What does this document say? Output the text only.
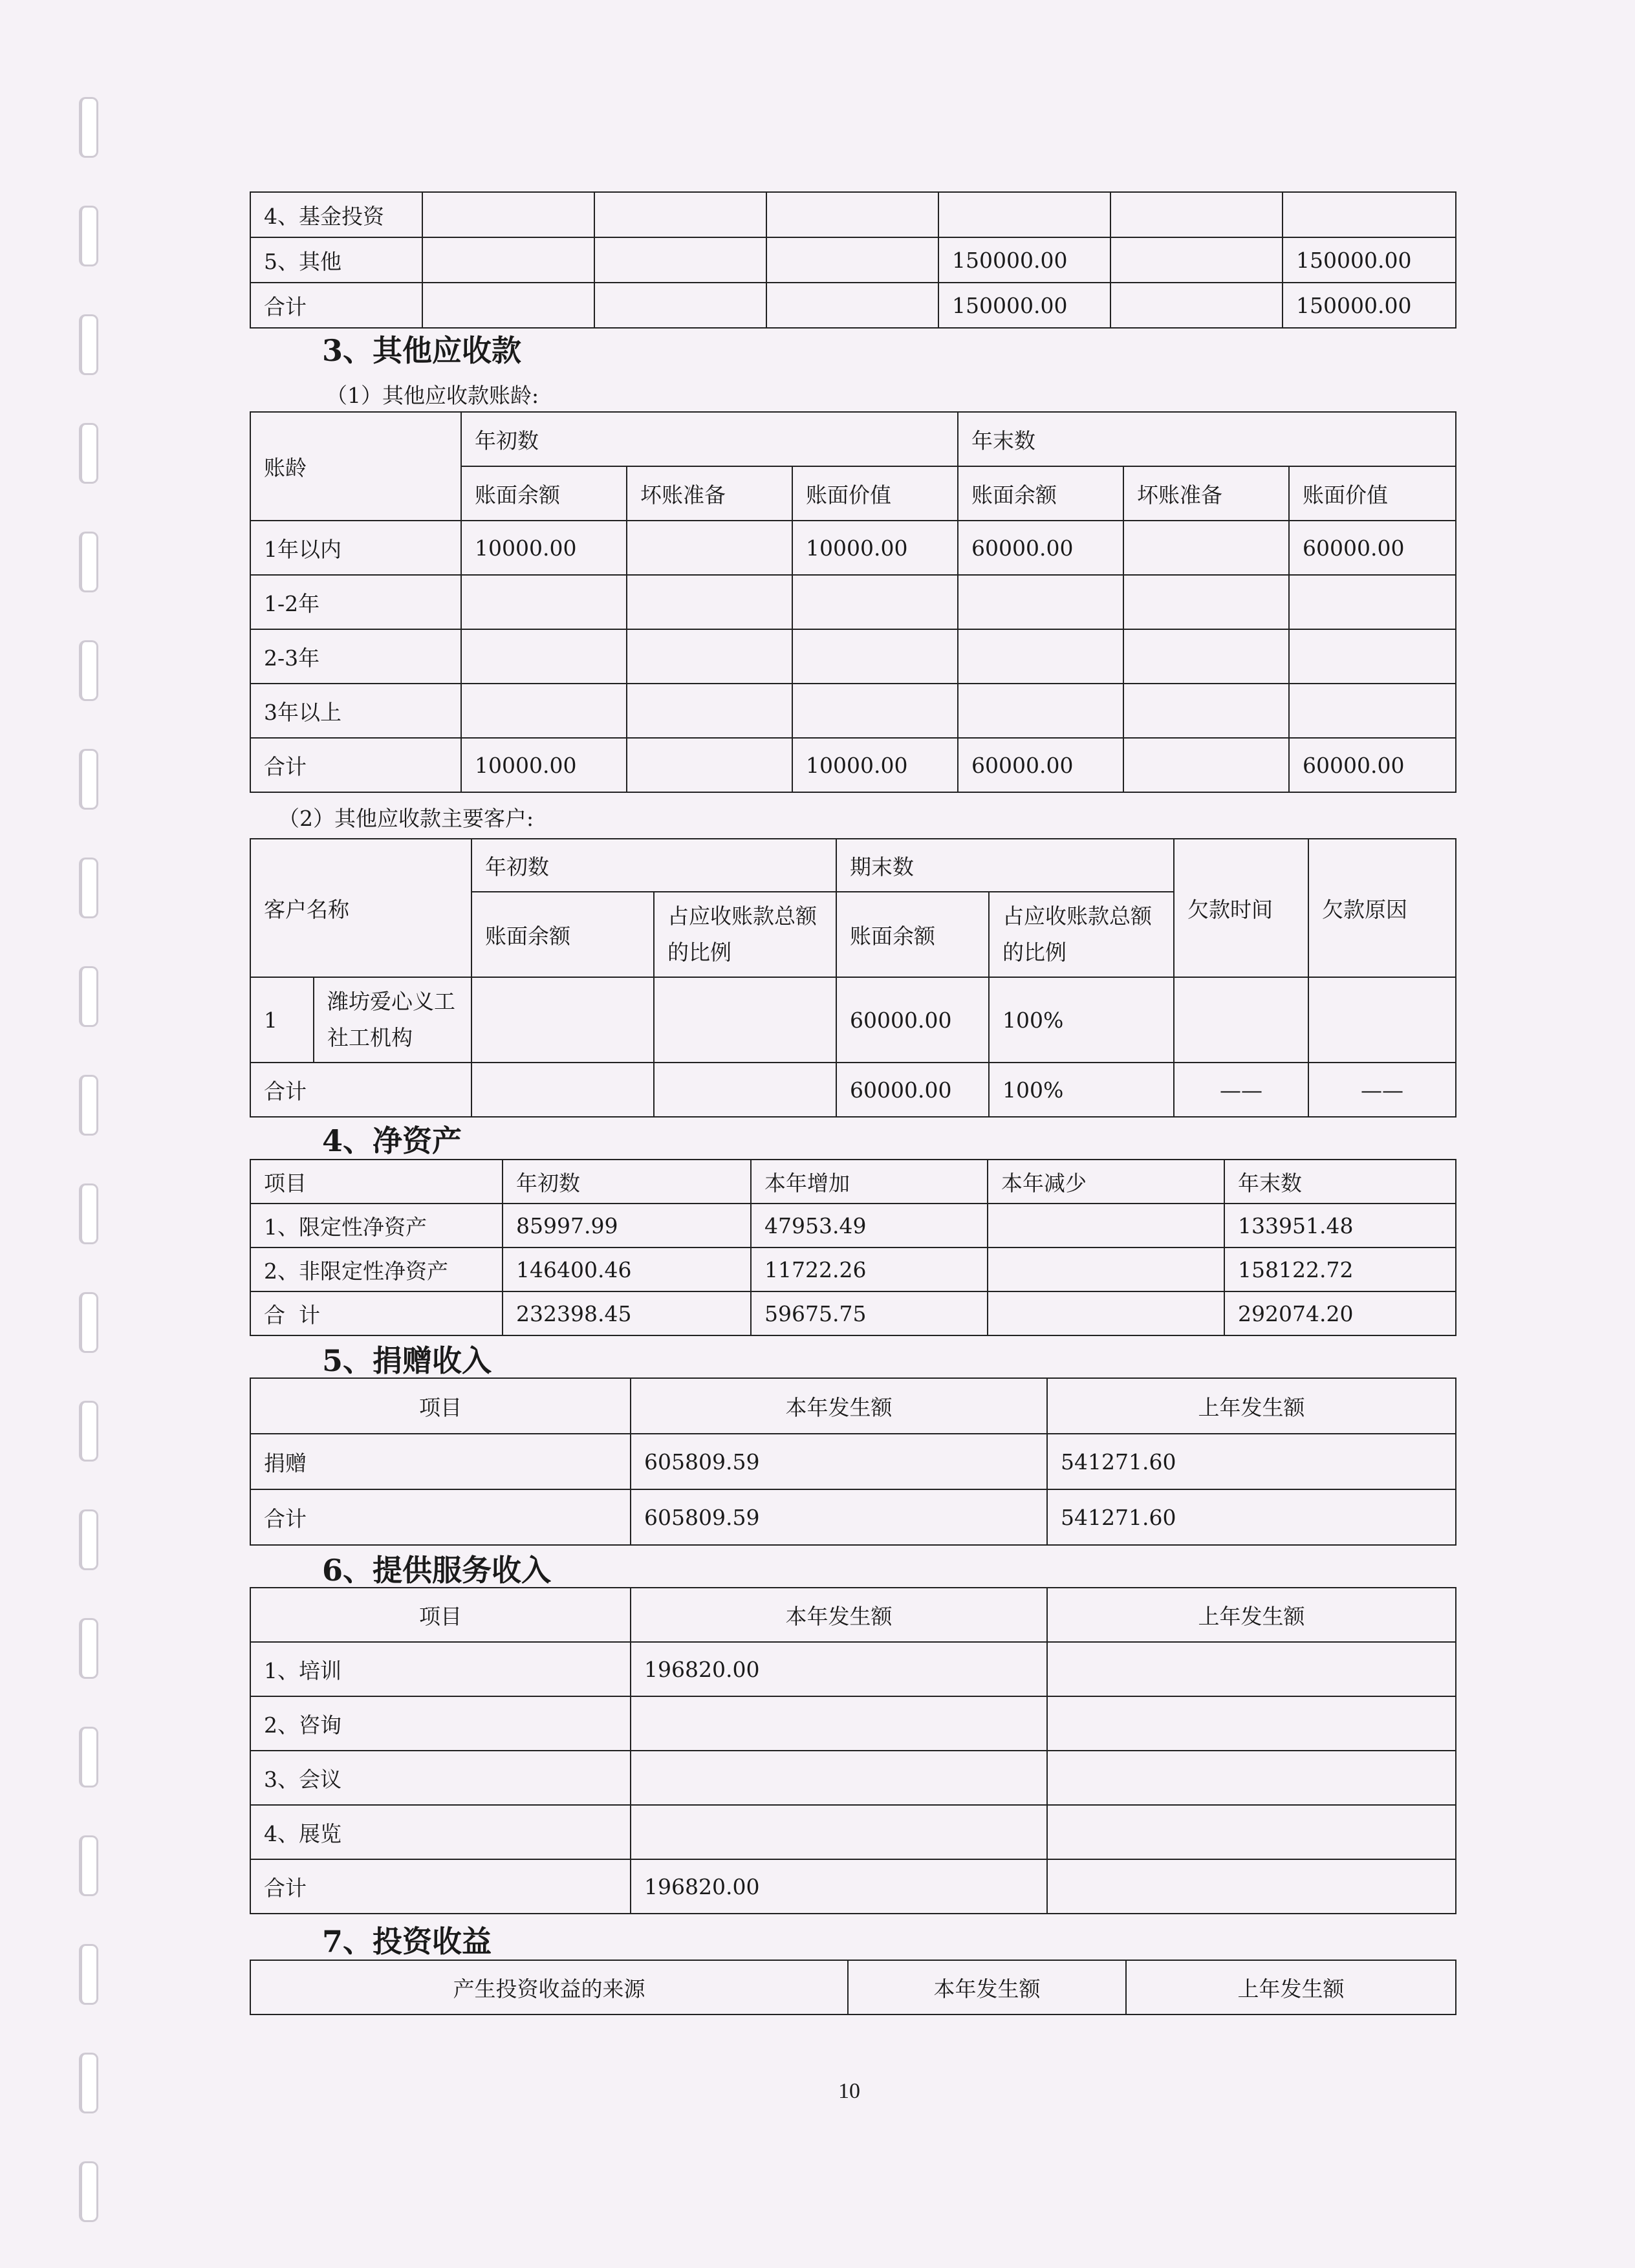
4、基金投资						
5、其他				150000.00		150000.00
合计				150000.00		150000.00
3、其他应收款

（1）其他应收款账龄:

账龄	年初数			年末数		
	账面余额	坏账准备	账面价值	账面余额	坏账准备	账面价值
1年以内	10000.00		10000.00	60000.00		60000.00
1-2年						
2-3年						
3年以上						
合计	10000.00		10000.00	60000.00		60000.00

（2）其他应收款主要客户:

客户名称		年初数		期末数		欠款时间	欠款原因
		账面余额	占应收账款总额的比例	账面余额	占应收账款总额的比例		
1	潍坊爱心义工社工机构			60000.00	100%		
合计				60000.00	100%	——	——
4、净资产
项目	年初数	本年增加	本年减少	年末数
1、限定性净资产	85997.99	47953.49		133951.48
2、非限定性净资产	146400.46	11722.26		158122.72
合  计	232398.45	59675.75		292074.20
5、捐赠收入
项目	本年发生额	上年发生额
捐赠	605809.59	541271.60
合计	605809.59	541271.60
6、提供服务收入
项目	本年发生额	上年发生额
1、培训	196820.00	
2、咨询		
3、会议		
4、展览		
合计	196820.00	
7、投资收益
产生投资收益的来源	本年发生额	上年发生额
10
